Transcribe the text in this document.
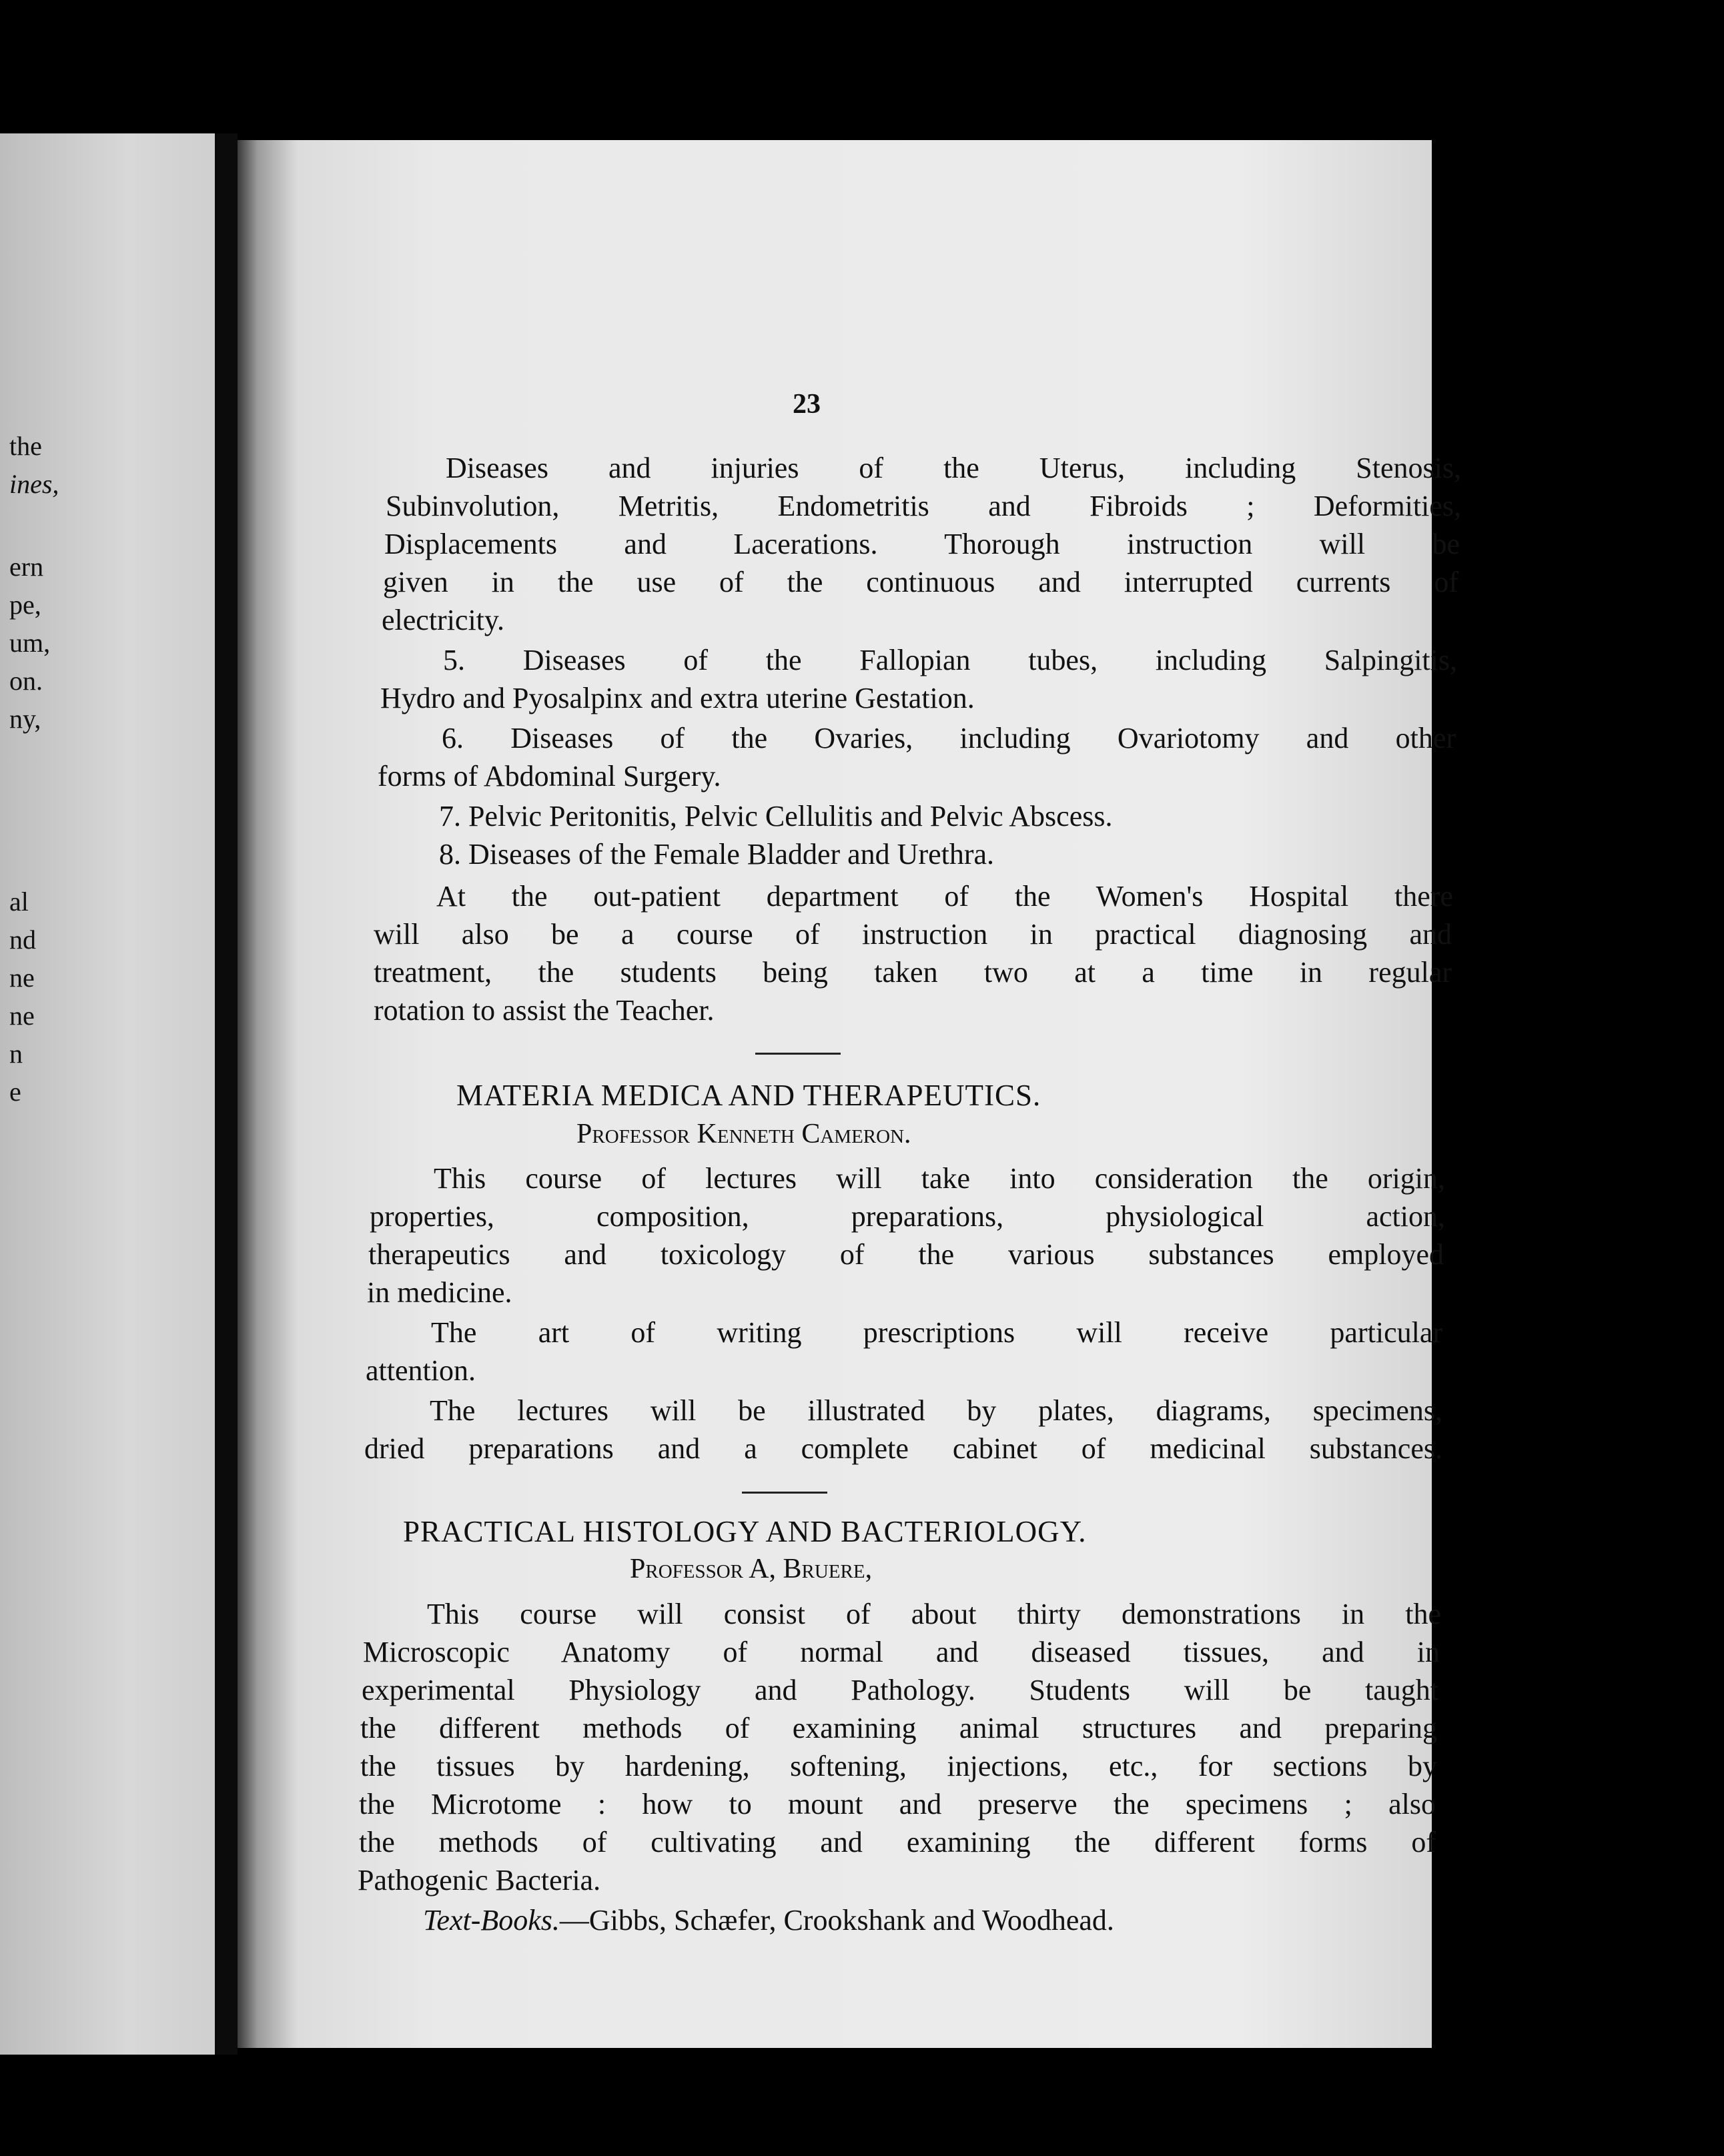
the
ines,
ern
pe,
um,
on.
ny,
al
nd
ne
ne
n
e
23
Diseases and injuries of the Uterus, including Stenosis,
Subinvolution, Metritis, Endometritis and Fibroids ; Deformities,
Displacements and Lacerations. Thorough instruction will be
given in the use of the continuous and interrupted currents of
electricity.
5. Diseases of the Fallopian tubes, including Salpingitis,
Hydro and Pyosalpinx and extra uterine Gestation.
6. Diseases of the Ovaries, including Ovariotomy and other
forms of Abdominal Surgery.
7. Pelvic Peritonitis, Pelvic Cellulitis and Pelvic Abscess.
8. Diseases of the Female Bladder and Urethra.
At the out-patient department of the Women's Hospital there
will also be a course of instruction in practical diagnosing and
treatment, the students being taken two at a time in regular
rotation to assist the Teacher.
MATERIA MEDICA AND THERAPEUTICS.
Professor Kenneth Cameron.
This course of lectures will take into consideration the origin,
properties, composition, preparations, physiological action,
therapeutics and toxicology of the various substances employed
in medicine.
The art of writing prescriptions will receive particular
attention.
The lectures will be illustrated by plates, diagrams, specimens,
dried preparations and a complete cabinet of medicinal substances.
PRACTICAL HISTOLOGY AND BACTERIOLOGY.
Professor A, Bruere,
This course will consist of about thirty demonstrations in the
Microscopic Anatomy of normal and diseased tissues, and in
experimental Physiology and Pathology. Students will be taught
the different methods of examining animal structures and preparing
the tissues by hardening, softening, injections, etc., for sections by
the Microtome : how to mount and preserve the specimens ; also
the methods of cultivating and examining the different forms of
Pathogenic Bacteria.
Text-Books.—Gibbs, Schæfer, Crookshank and Woodhead.
